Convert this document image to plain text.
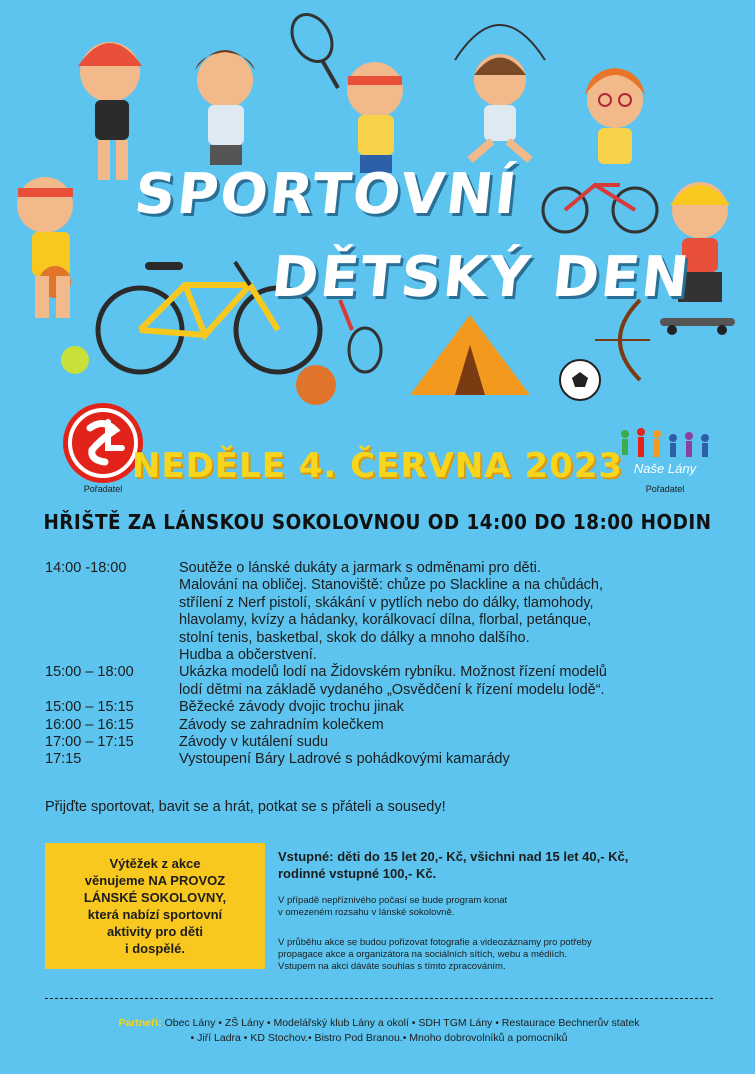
SPORTOVNÍ
DĚTSKÝ DEN
Pořadatel
Naše Lány
Pořadatel
NEDĚLE 4. ČERVNA 2023
HŘIŠTĚ ZA LÁNSKOU SOKOLOVNOU OD 14:00 DO 18:00 HODIN
14:00 -18:00	Soutěže o lánské dukáty a jarmark s odměnami pro děti.
Malování na obličej. Stanoviště: chůze po Slackline a na chůdách,
střílení z Nerf pistolí, skákání v pytlích nebo do dálky, tlamohody,
hlavolamy, kvízy a hádanky, korálkovací dílna, florbal, petánque,
stolní tenis, basketbal, skok do dálky a mnoho dalšího.
Hudba a občerstvení.
15:00 – 18:00	Ukázka modelů lodí na Židovském rybníku. Možnost řízení modelů
lodí dětmi na základě vydaného „Osvědčení k řízení modelu lodě“.
15:00 – 15:15	Běžecké závody dvojic trochu jinak
16:00 – 16:15	Závody se zahradním kolečkem
17:00 – 17:15	Závody v kutálení sudu
17:15	Vystoupení Báry Ladrové s pohádkovými kamarády
Přijďte sportovat, bavit se a hrát, potkat se s přáteli a sousedy!
Výtěžek z akce
věnujeme NA PROVOZ
LÁNSKÉ SOKOLOVNY,
která nabízí sportovní
aktivity pro děti
i dospělé.
Vstupné: děti do 15 let 20,- Kč, všichni nad 15 let 40,- Kč,
rodinné vstupné 100,- Kč.
V případě nepříznivého počasí se bude program konat
v omezeném rozsahu v lánské sokolovně.
V průběhu akce se budou pořizovat fotografie a videozáznamy pro potřeby
propagace akce a organizátora na sociálních sítích, webu a médiích.
Vstupem na akci dáváte souhlas s tímto zpracováním.
Partneři: Obec Lány • ZŠ Lány • Modelářský klub Lány a okolí • SDH TGM Lány • Restaurace Bechnerův statek
• Jiří Ladra • KD Stochov.• Bistro Pod Branou.• Mnoho dobrovolníků a pomocníků
